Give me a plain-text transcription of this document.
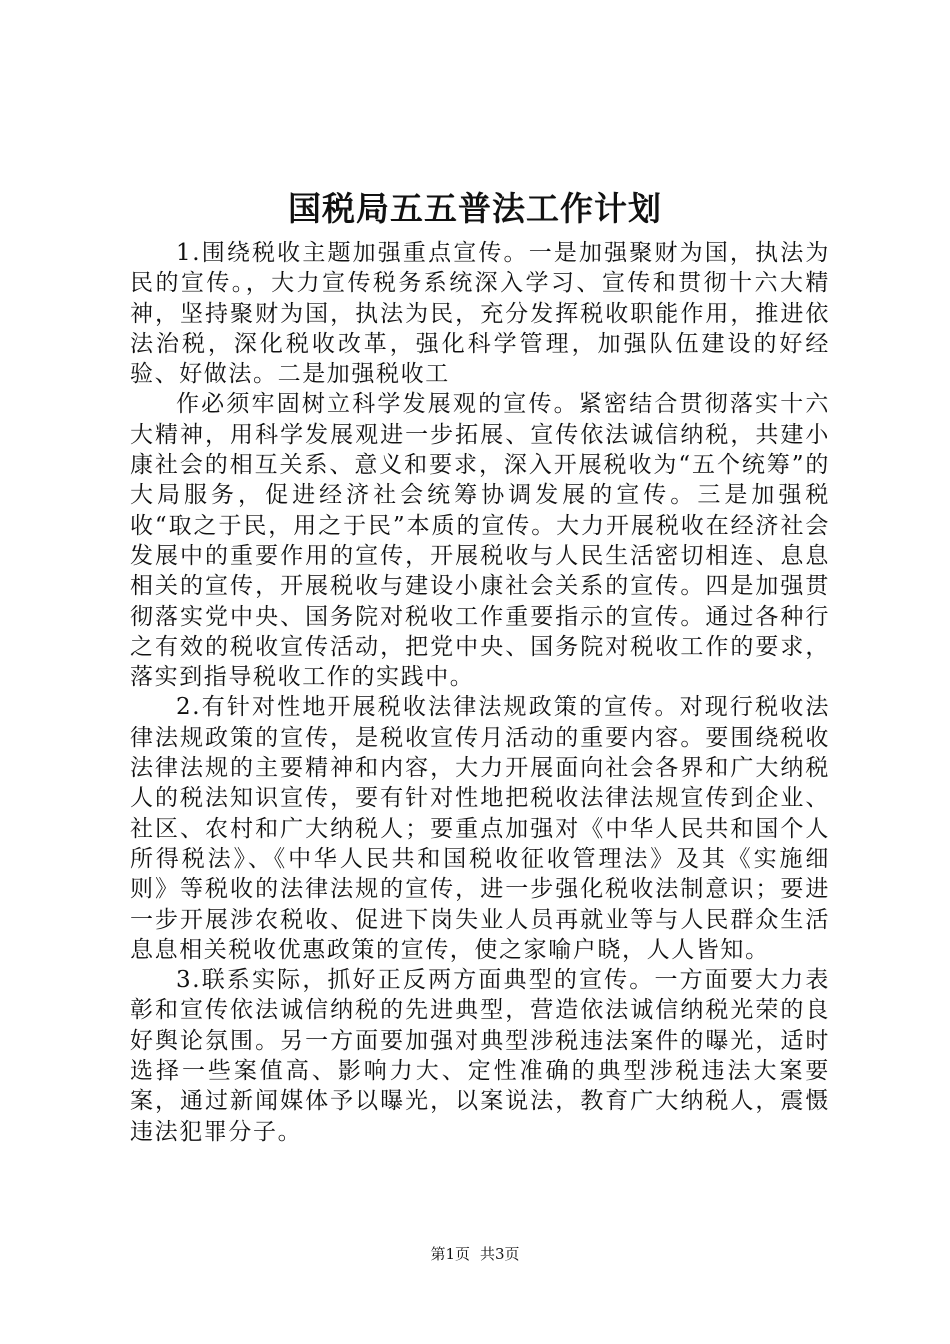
国税局五五普法工作计划

1.围绕税收主题加强重点宣传。一是加强聚财为国，执法为民的宣传。，大力宣传税务系统深入学习、宣传和贯彻十六大精神，坚持聚财为国，执法为民，充分发挥税收职能作用，推进依法治税，深化税收改革，强化科学管理，加强队伍建设的好经验、好做法。二是加强税收工

作必须牢固树立科学发展观的宣传。紧密结合贯彻落实十六大精神，用科学发展观进一步拓展、宣传依法诚信纳税，共建小康社会的相互关系、意义和要求，深入开展税收为“五个统筹”的大局服务，促进经济社会统筹协调发展的宣传。三是加强税收“取之于民，用之于民”本质的宣传。大力开展税收在经济社会发展中的重要作用的宣传，开展税收与人民生活密切相连、息息相关的宣传，开展税收与建设小康社会关系的宣传。四是加强贯彻落实党中央、国务院对税收工作重要指示的宣传。通过各种行之有效的税收宣传活动，把党中央、国务院对税收工作的要求，落实到指导税收工作的实践中。

2.有针对性地开展税收法律法规政策的宣传。对现行税收法律法规政策的宣传，是税收宣传月活动的重要内容。要围绕税收法律法规的主要精神和内容，大力开展面向社会各界和广大纳税人的税法知识宣传，要有针对性地把税收法律法规宣传到企业、社区、农村和广大纳税人；要重点加强对《中华人民共和国个人所得税法》、《中华人民共和国税收征收管理法》及其《实施细则》等税收的法律法规的宣传，进一步强化税收法制意识；要进一步开展涉农税收、促进下岗失业人员再就业等与人民群众生活息息相关税收优惠政策的宣传，使之家喻户晓，人人皆知。

3.联系实际，抓好正反两方面典型的宣传。一方面要大力表彰和宣传依法诚信纳税的先进典型，营造依法诚信纳税光荣的良好舆论氛围。另一方面要加强对典型涉税违法案件的曝光，适时选择一些案值高、影响力大、定性准确的典型涉税违法大案要案，通过新闻媒体予以曝光，以案说法，教育广大纳税人，震慑违法犯罪分子。

第1页 共3页
